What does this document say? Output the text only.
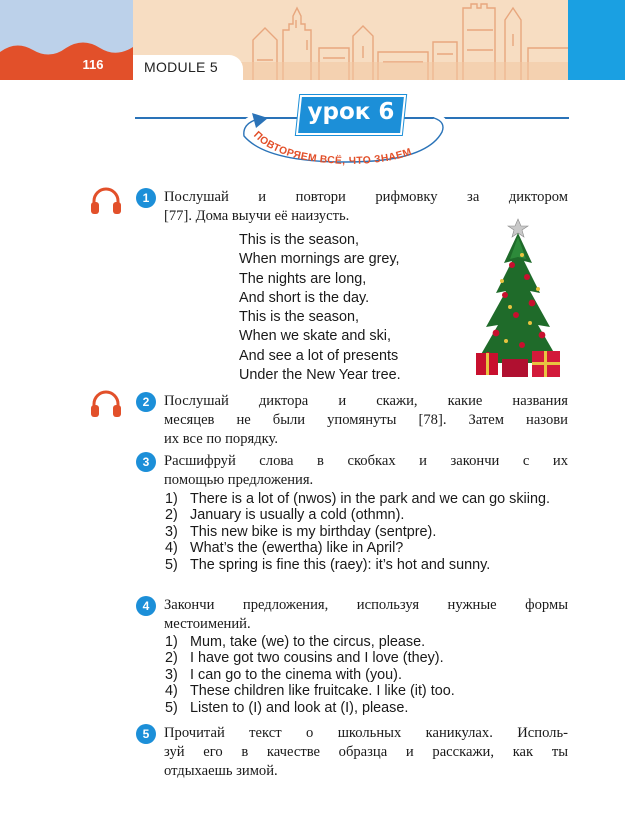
116	MODULE 5
ПОВТОРЯЕМ ВСЁ, ЧТО ЗНАЕМ
урок 6
1	Послушай и повтори рифмовку за диктором
[77]. Дома выучи её наизусть.
This is the season,
When mornings are grey,
The nights are long,
And short is the day.
This is the season,
When we skate and ski,
And see a lot of presents
Under the New Year tree.
2	Послушай диктора и скажи, какие названия
месяцев не были упомянуты [78]. Затем назови
их все по порядку.
3	Расшифруй слова в скобках и закончи с их
помощью предложения.
1) There is a lot of (nwos) in the park and we can go skiing.
2) January is usually a cold (othmn).
3) This new bike is my birthday (sentpre).
4) What’s the (ewertha) like in April?
5) The spring is fine this (raey): it’s hot and sunny.
4	Закончи предложения, используя нужные формы
местоимений.
1) Mum, take (we) to the circus, please.
2) I have got two cousins and I love (they).
3) I can go to the cinema with (you).
4) These children like fruitcake. I like (it) too.
5) Listen to (I) and look at (I), please.
5	Прочитай текст о школьных каникулах. Исполь-
зуй его в качестве образца и расскажи, как ты
отдыхаешь зимой.
